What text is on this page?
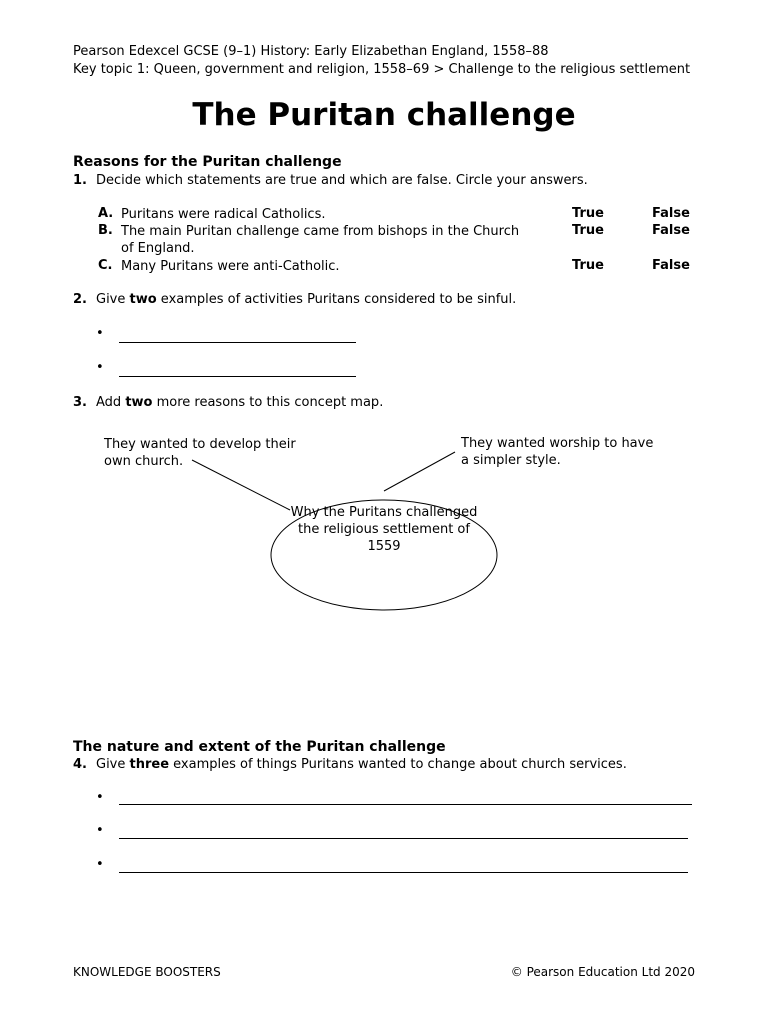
Pearson Edexcel GCSE (9–1) History: Early Elizabethan England, 1558–88
Key topic 1: Queen, government and religion, 1558–69 > Challenge to the religious settlement
The Puritan challenge
Reasons for the Puritan challenge
1. Decide which statements are true and which are false. Circle your answers.
A. Puritans were radical Catholics.	True	False
B. The main Puritan challenge came from bishops in the Church of England.
True	False
C. Many Puritans were anti-Catholic.	True	False
2. Give two examples of activities Puritans considered to be sinful.
•
•
3. Add two more reasons to this concept map.
They wanted to develop their own church.
They wanted worship to have a simpler style.
Why the Puritans challenged the religious settlement of 1559
The nature and extent of the Puritan challenge
4. Give three examples of things Puritans wanted to change about church services.
•
•
•
KNOWLEDGE BOOSTERS	© Pearson Education Ltd 2020
